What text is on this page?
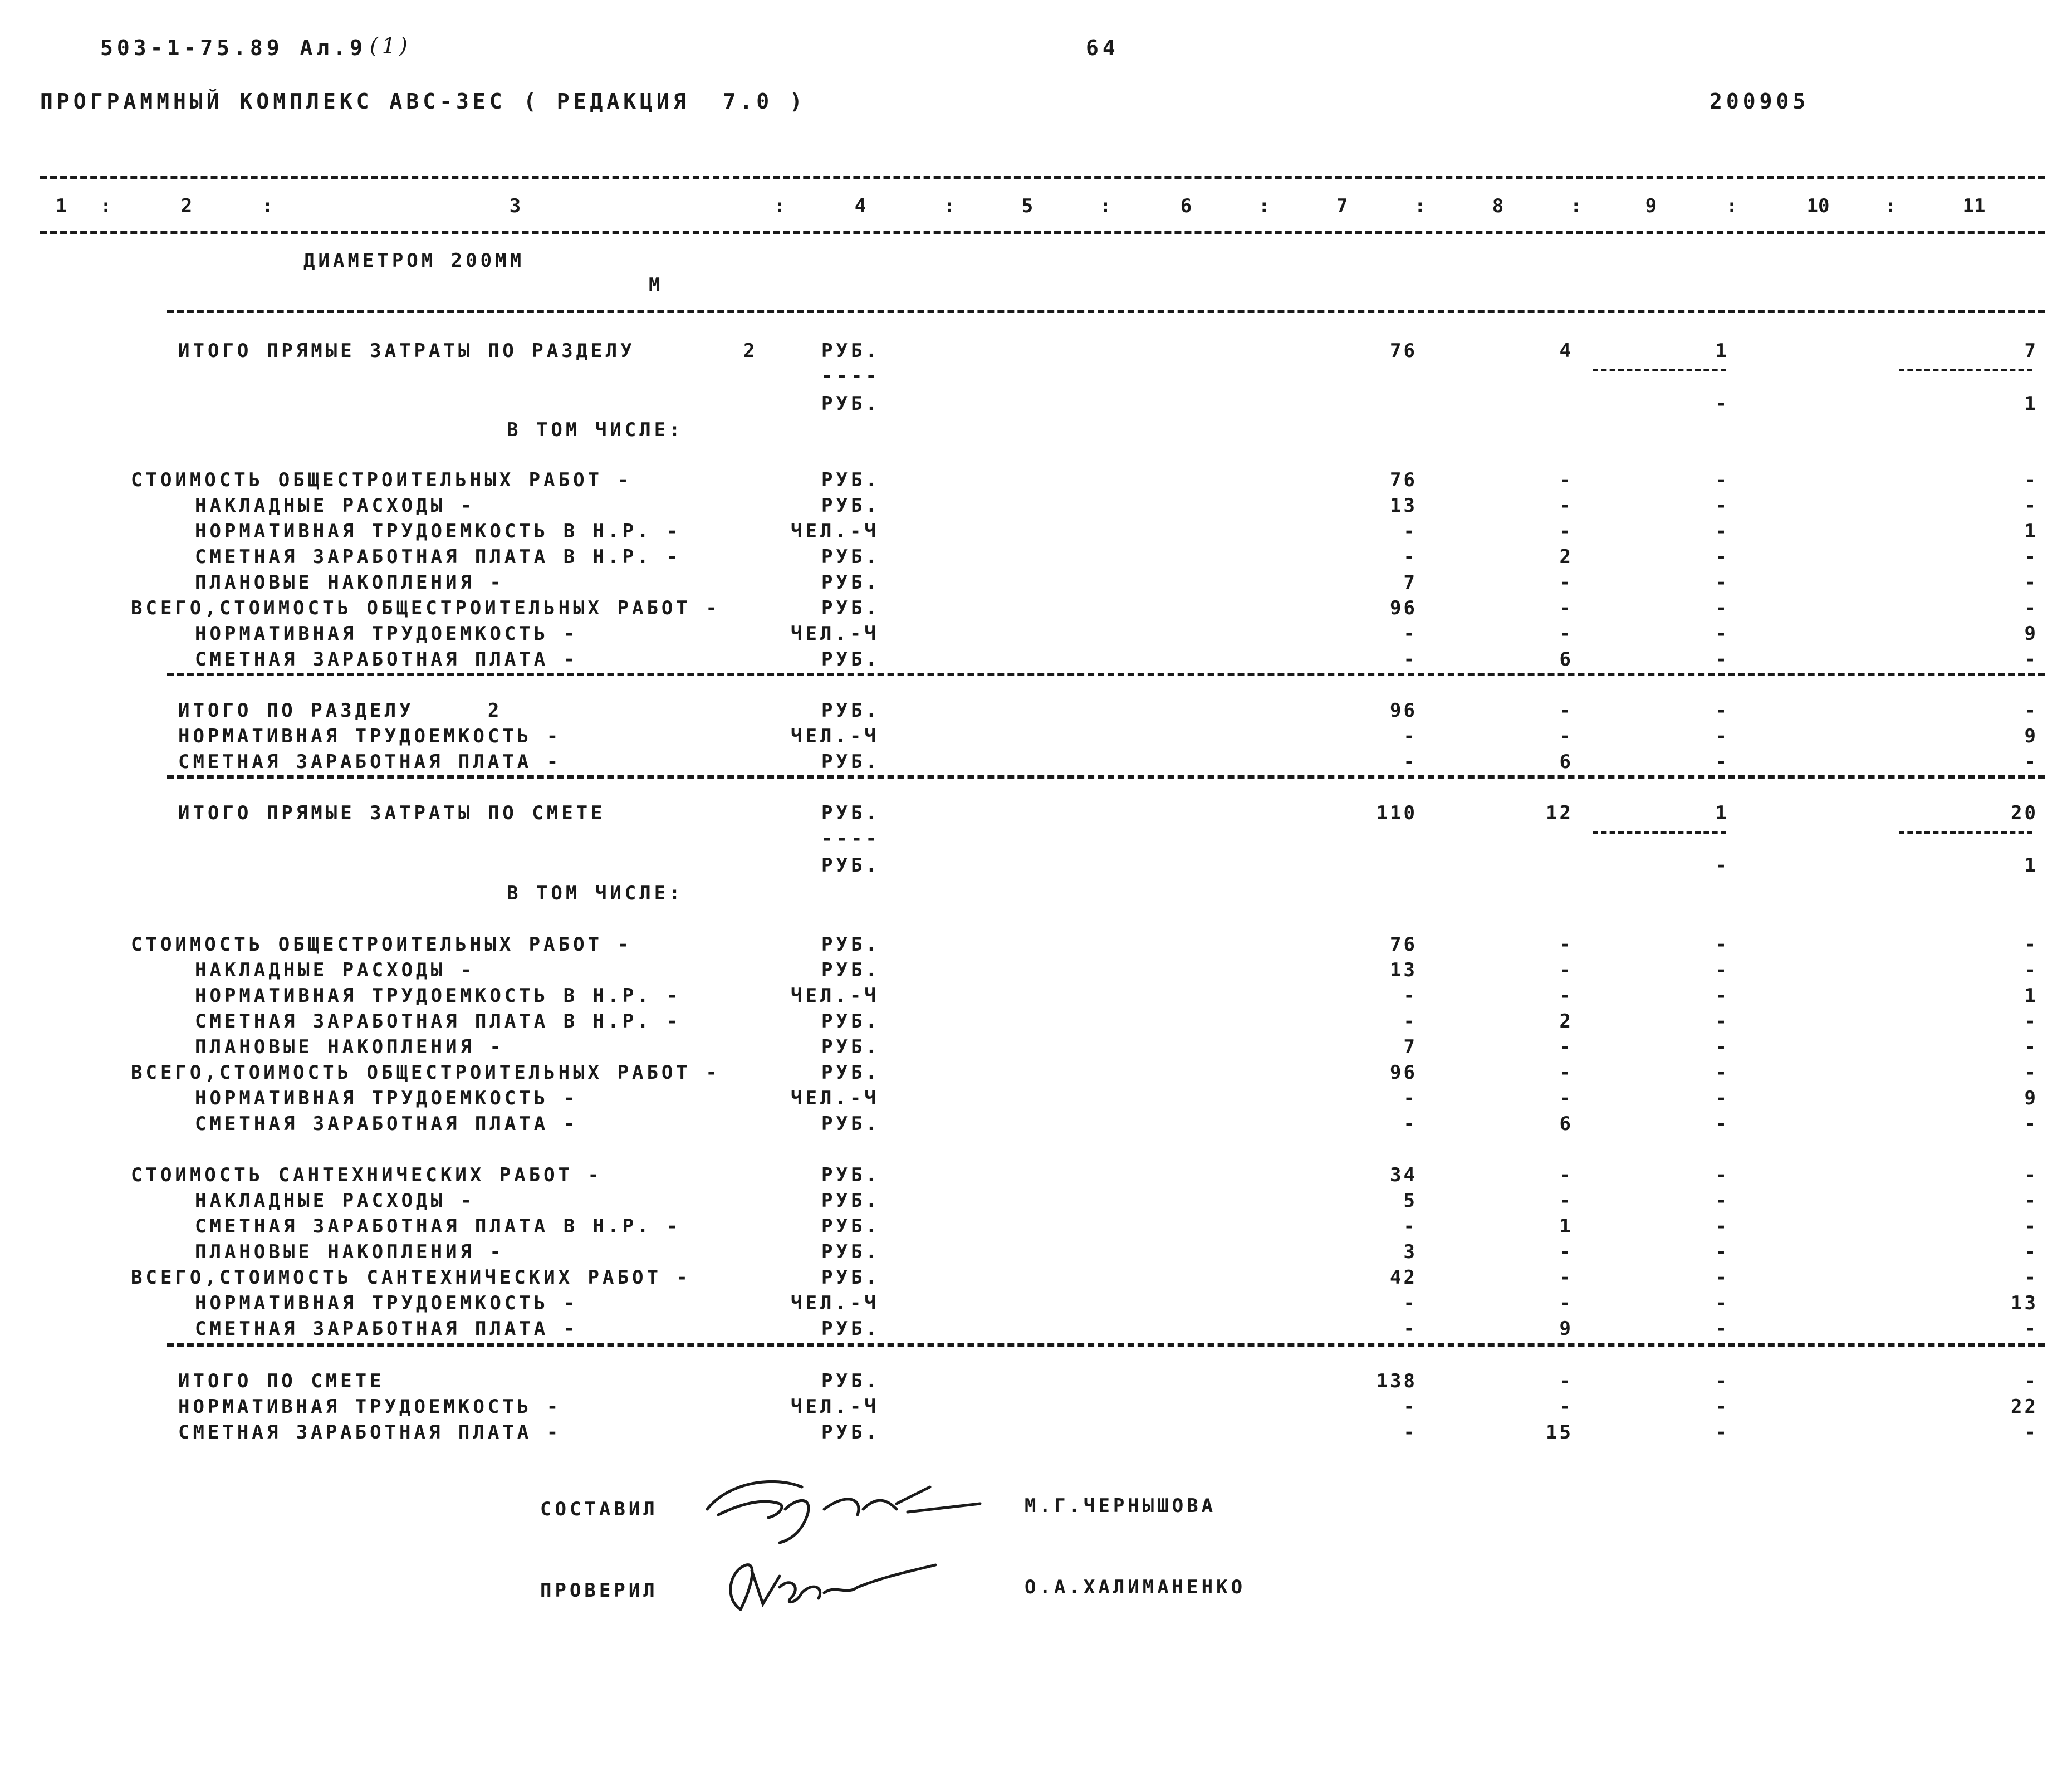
503-1-75.89 Ал.9 (1)	64
ПРОГРАММНЫЙ КОМПЛЕКС АВС-3ЕС ( РЕДАКЦИЯ  7.0 )	200905
1	2	3	4	5	6	7	8	9	10	11
:	:	:	:	:	:	:	:	:	:
ДИАМЕТРОМ 200ММ
М
ИТОГО ПРЯМЫЕ ЗАТРАТЫ ПО РАЗДЕЛУ	2	РУБ.	76	4	1	7
----
РУБ.	-	1
В ТОМ ЧИСЛЕ:
СТОИМОСТЬ ОБЩЕСТРОИТЕЛЬНЫХ РАБОТ -	РУБ.	76	-	-	-
НАКЛАДНЫЕ РАСХОДЫ -	РУБ.	13	-	-	-
НОРМАТИВНАЯ ТРУДОЕМКОСТЬ В Н.Р. -	ЧЕЛ.-Ч	-	-	-	1
СМЕТНАЯ ЗАРАБОТНАЯ ПЛАТА В Н.Р. -	РУБ.	-	2	-	-
ПЛАНОВЫЕ НАКОПЛЕНИЯ -	РУБ.	7	-	-	-
ВСЕГО,СТОИМОСТЬ ОБЩЕСТРОИТЕЛЬНЫХ РАБОТ -	РУБ.	96	-	-	-
НОРМАТИВНАЯ ТРУДОЕМКОСТЬ -	ЧЕЛ.-Ч	-	-	-	9
СМЕТНАЯ ЗАРАБОТНАЯ ПЛАТА -	РУБ.	-	6	-	-
ИТОГО ПО РАЗДЕЛУ     2	РУБ.	96	-	-	-
НОРМАТИВНАЯ ТРУДОЕМКОСТЬ -	ЧЕЛ.-Ч	-	-	-	9
СМЕТНАЯ ЗАРАБОТНАЯ ПЛАТА -	РУБ.	-	6	-	-
ИТОГО ПРЯМЫЕ ЗАТРАТЫ ПО СМЕТЕ	РУБ.	110	12	1	20
----
РУБ.	-	1
В ТОМ ЧИСЛЕ:
СТОИМОСТЬ ОБЩЕСТРОИТЕЛЬНЫХ РАБОТ -	РУБ.	76	-	-	-
НАКЛАДНЫЕ РАСХОДЫ -	РУБ.	13	-	-	-
НОРМАТИВНАЯ ТРУДОЕМКОСТЬ В Н.Р. -	ЧЕЛ.-Ч	-	-	-	1
СМЕТНАЯ ЗАРАБОТНАЯ ПЛАТА В Н.Р. -	РУБ.	-	2	-	-
ПЛАНОВЫЕ НАКОПЛЕНИЯ -	РУБ.	7	-	-	-
ВСЕГО,СТОИМОСТЬ ОБЩЕСТРОИТЕЛЬНЫХ РАБОТ -	РУБ.	96	-	-	-
НОРМАТИВНАЯ ТРУДОЕМКОСТЬ -	ЧЕЛ.-Ч	-	-	-	9
СМЕТНАЯ ЗАРАБОТНАЯ ПЛАТА -	РУБ.	-	6	-	-
СТОИМОСТЬ САНТЕХНИЧЕСКИХ РАБОТ -	РУБ.	34	-	-	-
НАКЛАДНЫЕ РАСХОДЫ -	РУБ.	5	-	-	-
СМЕТНАЯ ЗАРАБОТНАЯ ПЛАТА В Н.Р. -	РУБ.	-	1	-	-
ПЛАНОВЫЕ НАКОПЛЕНИЯ -	РУБ.	3	-	-	-
ВСЕГО,СТОИМОСТЬ САНТЕХНИЧЕСКИХ РАБОТ -	РУБ.	42	-	-	-
НОРМАТИВНАЯ ТРУДОЕМКОСТЬ -	ЧЕЛ.-Ч	-	-	-	13
СМЕТНАЯ ЗАРАБОТНАЯ ПЛАТА -	РУБ.	-	9	-	-
ИТОГО ПО СМЕТЕ	РУБ.	138	-	-	-
НОРМАТИВНАЯ ТРУДОЕМКОСТЬ -	ЧЕЛ.-Ч	-	-	-	22
СМЕТНАЯ ЗАРАБОТНАЯ ПЛАТА -	РУБ.	-	15	-	-
СОСТАВИЛ	М.Г.ЧЕРНЫШОВА
ПРОВЕРИЛ	О.А.ХАЛИМАНЕНКО
